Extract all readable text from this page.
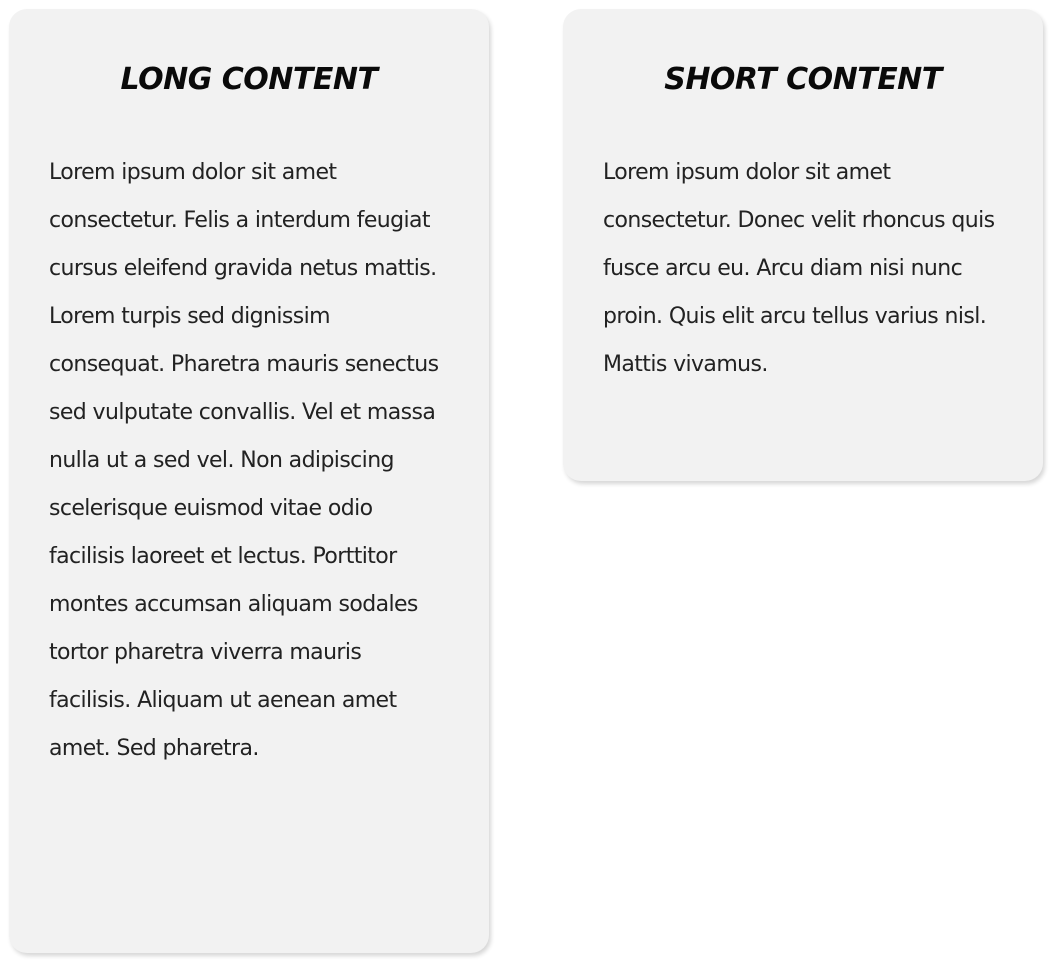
LONG CONTENT
Lorem ipsum dolor sit amet consectetur. Felis a interdum feugiat cursus eleifend gravida netus mattis. Lorem turpis sed dignissim consequat. Pharetra mauris senectus sed vulputate convallis. Vel et massa nulla ut a sed vel. Non adipiscing scelerisque euismod vitae odio facilisis laoreet et lectus. Porttitor montes accumsan aliquam sodales tortor pharetra viverra mauris facilisis. Aliquam ut aenean amet amet. Sed pharetra.
SHORT CONTENT
Lorem ipsum dolor sit amet consectetur. Donec velit rhoncus quis fusce arcu eu. Arcu diam nisi nunc proin. Quis elit arcu tellus varius nisl. Mattis vivamus.
